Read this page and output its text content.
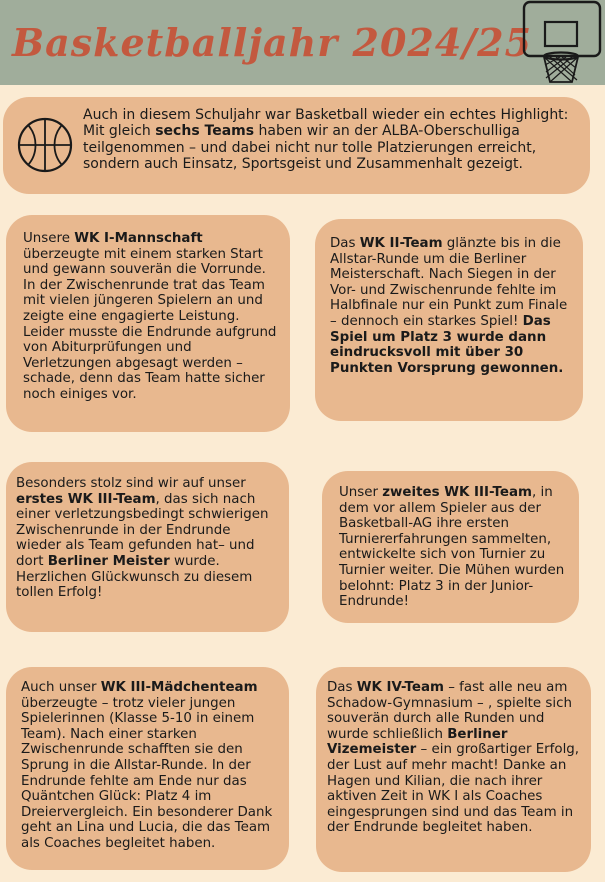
Basketballjahr 2024/25

Auch in diesem Schuljahr war Basketball wieder ein echtes Highlight: Mit gleich sechs Teams haben wir an der ALBA-Oberschulliga teilgenommen – und dabei nicht nur tolle Platzierungen erreicht, sondern auch Einsatz, Sportsgeist und Zusammenhalt gezeigt.

Unsere WK I-Mannschaft überzeugte mit einem starken Start und gewann souverän die Vorrunde. In der Zwischenrunde trat das Team mit vielen jüngeren Spielern an und zeigte eine engagierte Leistung. Leider musste die Endrunde aufgrund von Abiturprüfungen und Verletzungen abgesagt werden – schade, denn das Team hatte sicher noch einiges vor.

Das WK II-Team glänzte bis in die Allstar-Runde um die Berliner Meisterschaft. Nach Siegen in der Vor- und Zwischenrunde fehlte im Halbfinale nur ein Punkt zum Finale – dennoch ein starkes Spiel! Das Spiel um Platz 3 wurde dann eindrucksvoll mit über 30 Punkten Vorsprung gewonnen.

Besonders stolz sind wir auf unser erstes WK III-Team, das sich nach einer verletzungsbedingt schwierigen Zwischenrunde in der Endrunde wieder als Team gefunden hat– und dort Berliner Meister wurde. Herzlichen Glückwunsch zu diesem tollen Erfolg!

Unser zweites WK III-Team, in dem vor allem Spieler aus der Basketball-AG ihre ersten Turniererfahrungen sammelten, entwickelte sich von Turnier zu Turnier weiter. Die Mühen wurden belohnt: Platz 3 in der Junior-Endrunde!

Auch unser WK III-Mädchenteam überzeugte – trotz vieler jungen Spielerinnen (Klasse 5-10 in einem Team). Nach einer starken Zwischenrunde schafften sie den Sprung in die Allstar-Runde. In der Endrunde fehlte am Ende nur das Quäntchen Glück: Platz 4 im Dreiervergleich. Ein besonderer Dank geht an Lina und Lucia, die das Team als Coaches begleitet haben.

Das WK IV-Team – fast alle neu am Schadow-Gymnasium – , spielte sich souverän durch alle Runden und wurde schließlich Berliner Vizemeister – ein großartiger Erfolg, der Lust auf mehr macht! Danke an Hagen und Kilian, die nach ihrer aktiven Zeit in WK I als Coaches eingesprungen sind und das Team in der Endrunde begleitet haben.
